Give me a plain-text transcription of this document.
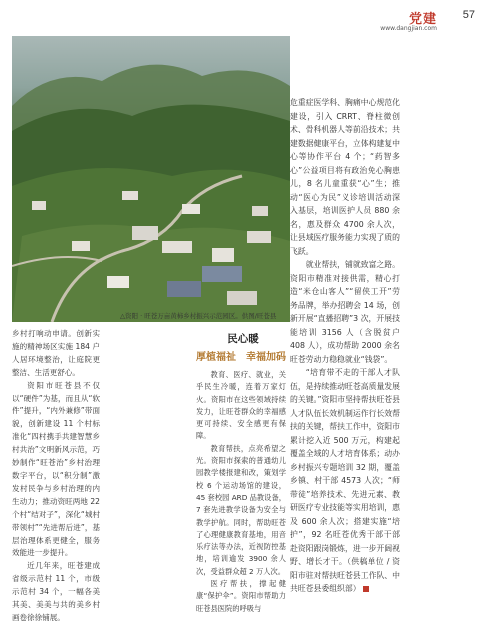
党建
www.dangjian.com
57
△资阳 · 旺苍万亩黄柿乡村振兴示范园区。供图/旺苍县

乡村打响动申请。创新实施的精神场区实施 184 户人居环境整治，让庭院更整洁、生活更舒心。

资阳市旺苍县不仅以“硬件”为基，而且从“软件”提升，“内外兼修”带面貌，创新建设 11 个村标准化“四村携手共建智慧乡村共治”文明新风示范，巧妙制作“旺苍治”乡村治理数字平台，以“积分制”激发村民争与乡村治理的内生动力；推动资旺两地 22 个村“结对子”，深化“城村带领村”“先进帮后进”，基层治理体系更健全，服务效能进一步提升。

近几年来，旺苍建成省级示范村 11 个，市级示范村 34 个，一幅各美其美、美美与共的美乡村画卷徐徐铺展。

民心暖
厚植福祉　幸福加码

教育、医疗、就业，关乎民生冷暖，连着万家灯火。资阳市在这些领域持续发力，让旺苍群众的幸福感更可持续、安全感更有保障。

教育帮扶，点亮希望之光。资阳市探索的普通幼儿园教学楼报建和改，策划学校 6 个运动场馆的建设，45 套校园 ARD 品教设备，7 套先进教学设备为安全与教学护航。同时，帮助旺苍了心理健康教育基地，用音乐疗法等办法，近视防控基地，培训逾发 3900 余人次，受益群众超 2 万人次。

医疗帮扶，撑起健康“保护伞”。资阳市帮助力旺苍县医院的呼吸与

危重症医学科、胸痛中心规范化建设，引入 CRRT、脊柱微创术、骨科机器人等前沿技术；共建数据健康平台，立体构建复中心等协作平台 4 个；“药智多心”公益项目将有政治免心胸患儿，8 名儿童重获“心”生；推动“医心为民”义诊培训活动深入基层，培训医护人员 880 余名，惠及群众 4700 余人次，让县域医疗服务能力实现了质的飞跃。

就业帮扶，铺就致富之路。资阳市精准对接供需，精心打造“米仓山客人”“留侠工开”劳务品牌，举办招聘会 14 场，创新开展“直播招聘”3 次，开展技能培训 3156 人（含脱贫户 408 人），成功帮助 2000 余名旺苍劳动力稳稳就业“钱袋”。

“培育带不走的干部人才队伍，是持续推动旺苍高质量发展的关键。”资阳市坚持帮扶旺苍县人才队伍长效机制运作行长效帮扶的关键，帮扶工作中，资阳市累计挖入近 500 万元，构建起覆盖全域的人才培育体系；动办乡村振兴专题培训 32 期，覆盖乡镇、村干部 4573 人次；“师带徒”培养技术、先进元素、教研医疗专业技能等实用培训，惠及 600 余人次；搭建实施“培护”，92 名旺苍优秀干部干部赴资阳跟岗锻炼，进一步开阔视野、增长才干。（供稿单位 / 资阳市驻对帮扶旺苍县工作队、中共旺苍县委组织部）
